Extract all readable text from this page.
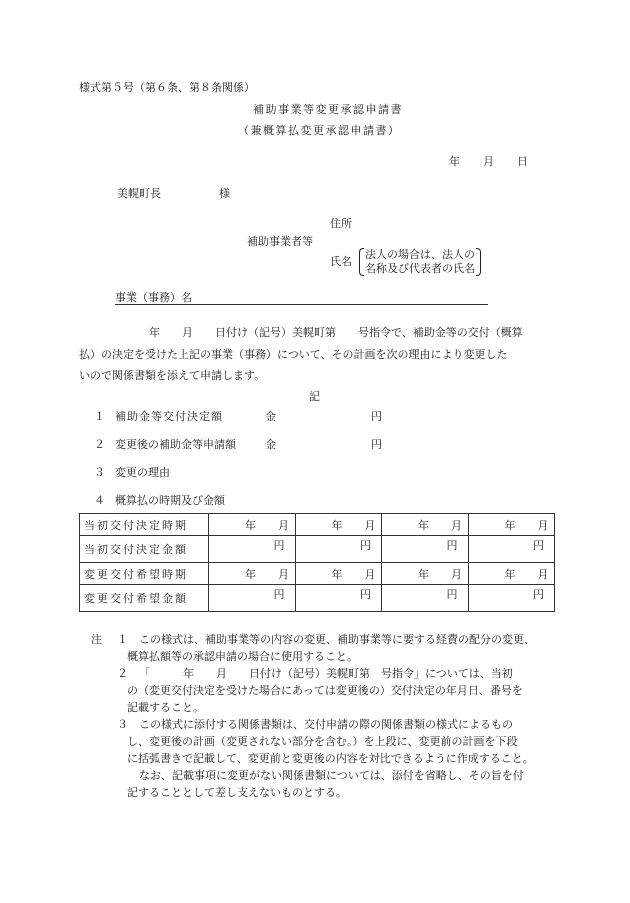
様式第５号（第６条、第８条関係）
補助事業等変更承認申請書
（兼概算払変更承認申請書）
年 月 日
美幌町長	様
住所
補助事業者等
氏名
法人の場合は、法人の
名称及び代表者の氏名
事業（事務）名
年　　月　　日付け（記号）美幌町第　　号指令で、補助金等の交付（概算
払）の決定を受けた上記の事業（事務）について、その計画を次の理由により変更した
いので関係書類を添えて申請します。
記
１ 補助金等交付決定額	金	円
２ 変更後の補助金等申請額	金	円
３ 変更の理由
４ 概算払の時期及び金額
当初交付決定時期	年 月	年 月	年 月	年 月

当初交付決定金額	円	円	円	円

変更交付希望時期	年 月	年 月	年 月	年 月

変更交付希望金額	円	円	円	円
注 １ この様式は、補助事業等の内容の変更、補助事業等に要する経費の配分の変更、
概算払額等の承認申請の場合に使用すること。
２ 「　　　年　　月　　日付け（記号）美幌町第　号指令」については、当初
の（変更交付決定を受けた場合にあっては変更後の）交付決定の年月日、番号を
記載すること。
３ この様式に添付する関係書類は、交付申請の際の関係書類の様式によるもの
し、変更後の計画（変更されない部分を含む。）を上段に、変更前の計画を下段
に括弧書きで記載して、変更前と変更後の内容を対比できるように作成すること。
なお、記載事項に変更がない関係書類については、添付を省略し、その旨を付
記することとして差し支えないものとする。
